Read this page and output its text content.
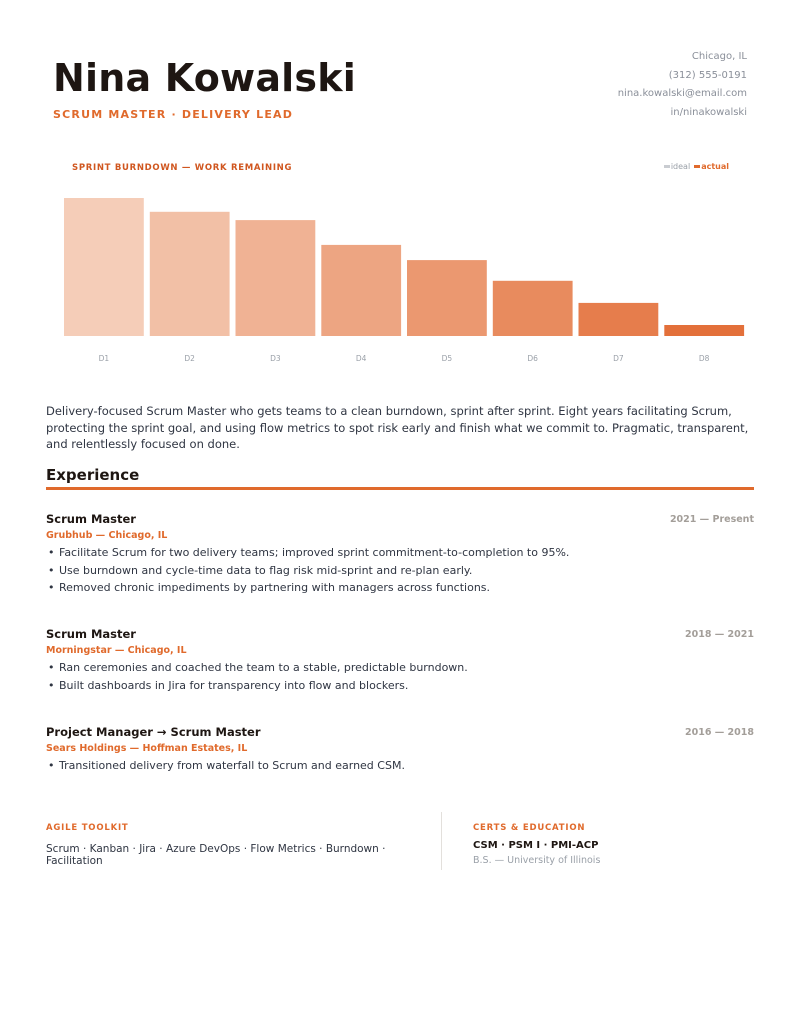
Nina Kowalski
SCRUM MASTER · DELIVERY LEAD
Chicago, IL
(312) 555-0191
nina.kowalski@email.com
in/ninakowalski
SPRINT BURNDOWN — WORK REMAINING	ideal	actual
D1	D2	D3	D4	D5	D6	D7	D8
Delivery-focused Scrum Master who gets teams to a clean burndown, sprint after sprint. Eight years facilitating Scrum, protecting the sprint goal, and using flow metrics to spot risk early and finish what we commit to. Pragmatic, transparent, and relentlessly focused on done.
Experience
Scrum Master
Grubhub — Chicago, IL
2021 — Present
• Facilitate Scrum for two delivery teams; improved sprint commitment-to-completion to 95%.
• Use burndown and cycle-time data to flag risk mid-sprint and re-plan early.
• Removed chronic impediments by partnering with managers across functions.
Scrum Master
Morningstar — Chicago, IL
2018 — 2021
• Ran ceremonies and coached the team to a stable, predictable burndown.
• Built dashboards in Jira for transparency into flow and blockers.
Project Manager → Scrum Master
Sears Holdings — Hoffman Estates, IL
2016 — 2018
• Transitioned delivery from waterfall to Scrum and earned CSM.
AGILE TOOLKIT
Scrum · Kanban · Jira · Azure DevOps · Flow Metrics · Burndown · Facilitation
CERTS & EDUCATION
CSM · PSM I · PMI-ACP
B.S. — University of Illinois
